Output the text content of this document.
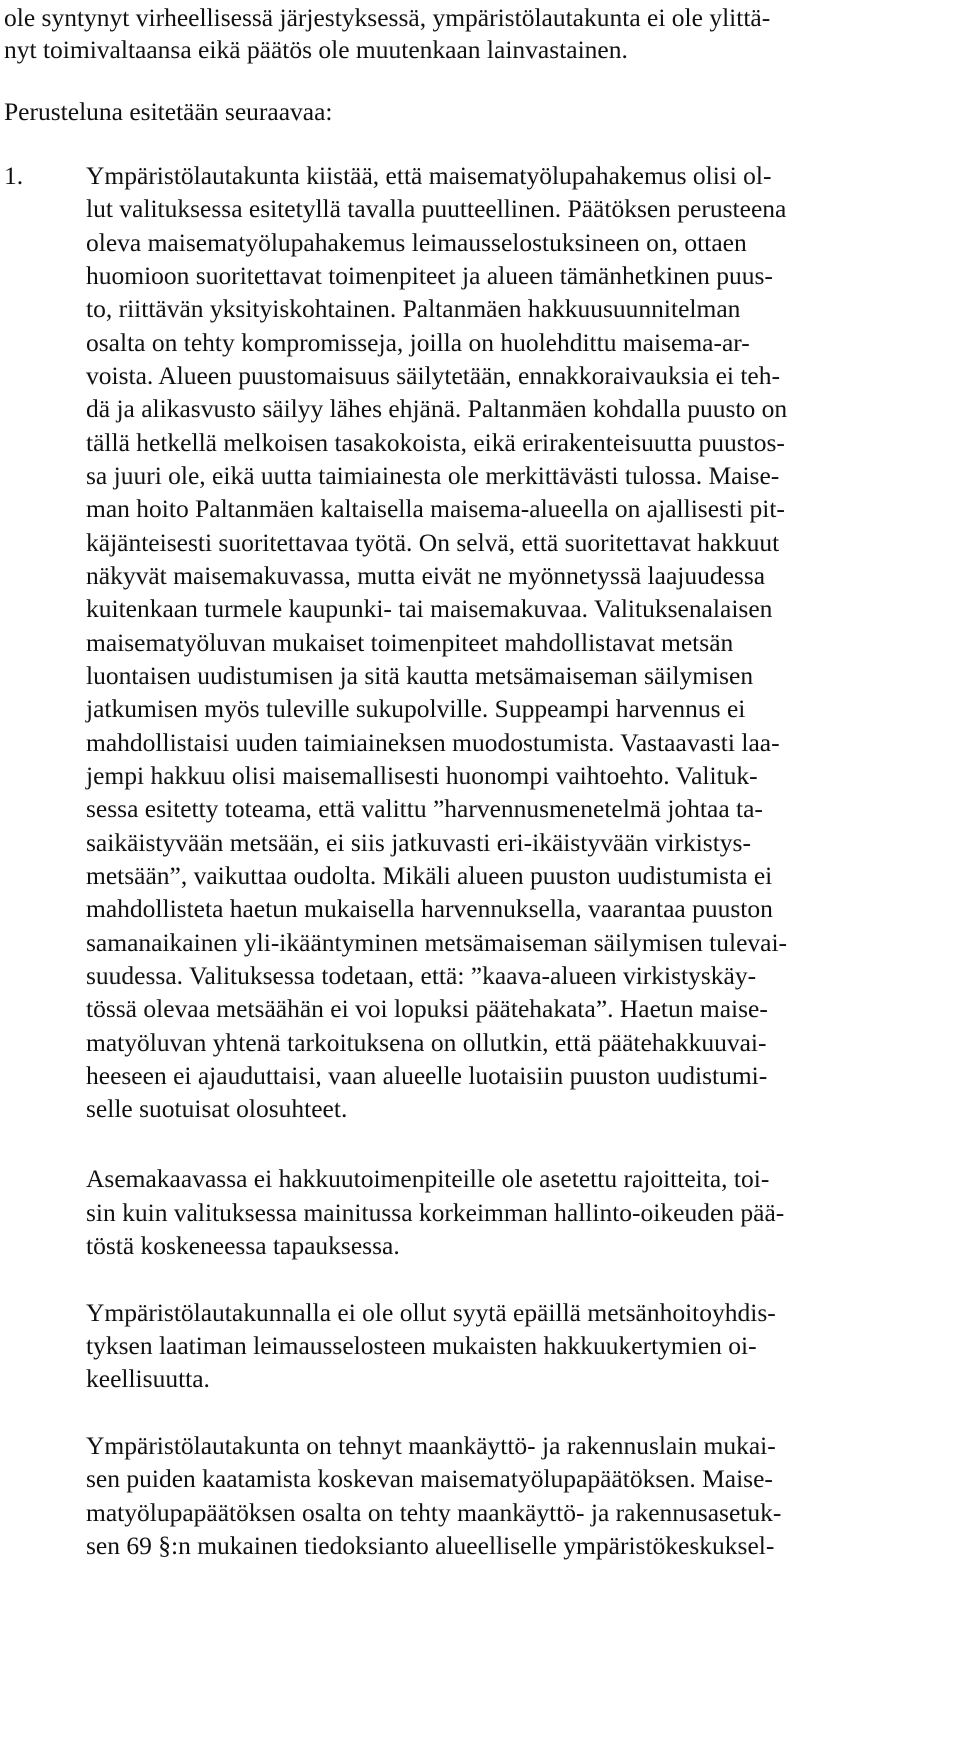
ole syntynyt virheellisessä järjestyksessä, ympäristölautakunta ei ole ylittä-
nyt toimivaltaansa eikä päätös ole muutenkaan lainvastainen.
Perusteluna esitetään seuraavaa:
1. Ympäristölautakunta kiistää, että maisematyölupahakemus olisi ol-
lut valituksessa esitetyllä tavalla puutteellinen. Päätöksen perusteena
oleva maisematyölupahakemus leimausselostuksineen on, ottaen
huomioon suoritettavat toimenpiteet ja alueen tämänhetkinen puus-
to, riittävän yksityiskohtainen. Paltanmäen hakkuusuunnitelman
osalta on tehty kompromisseja, joilla on huolehdittu maisema-ar-
voista. Alueen puustomaisuus säilytetään, ennakkoraivauksia ei teh-
dä ja alikasvusto säilyy lähes ehjänä. Paltanmäen kohdalla puusto on
tällä hetkellä melkoisen tasakokoista, eikä erirakenteisuutta puustos-
sa juuri ole, eikä uutta taimiainesta ole merkittävästi tulossa. Maise-
man hoito Paltanmäen kaltaisella maisema-alueella on ajallisesti pit-
käjänteisesti suoritettavaa työtä. On selvä, että suoritettavat hakkuut
näkyvät maisemakuvassa, mutta eivät ne myönnetyssä laajuudessa
kuitenkaan turmele kaupunki- tai maisemakuvaa. Valituksenalaisen
maisematyöluvan mukaiset toimenpiteet mahdollistavat metsän
luontaisen uudistumisen ja sitä kautta metsämaiseman säilymisen
jatkumisen myös tuleville sukupolville. Suppeampi harvennus ei
mahdollistaisi uuden taimiaineksen muodostumista. Vastaavasti laa-
jempi hakkuu olisi maisemallisesti huonompi vaihtoehto. Valituk-
sessa esitetty toteama, että valittu ”harvennusmenetelmä johtaa ta-
saikäistyvään metsään, ei siis jatkuvasti eri-ikäistyvään virkistys-
metsään”, vaikuttaa oudolta. Mikäli alueen puuston uudistumista ei
mahdollisteta haetun mukaisella harvennuksella, vaarantaa puuston
samanaikainen yli-ikääntyminen metsämaiseman säilymisen tulevai-
suudessa. Valituksessa todetaan, että: ”kaava-alueen virkistyskäy-
tössä olevaa metsäähän ei voi lopuksi päätehakata”. Haetun maise-
matyöluvan yhtenä tarkoituksena on ollutkin, että päätehakkuuvai-
heeseen ei ajauduttaisi, vaan alueelle luotaisiin puuston uudistumi-
selle suotuisat olosuhteet.
Asemakaavassa ei hakkuutoimenpiteille ole asetettu rajoitteita, toi-
sin kuin valituksessa mainitussa korkeimman hallinto-oikeuden pää-
töstä koskeneessa tapauksessa.
Ympäristölautakunnalla ei ole ollut syytä epäillä metsänhoitoyhdis-
tyksen laatiman leimausselosteen mukaisten hakkuukertymien oi-
keellisuutta.
Ympäristölautakunta on tehnyt maankäyttö- ja rakennuslain mukai-
sen puiden kaatamista koskevan maisematyölupapäätöksen. Maise-
matyölupapäätöksen osalta on tehty maankäyttö- ja rakennusasetuk-
sen 69 §:n mukainen tiedoksianto alueelliselle ympäristökeskuksel-
